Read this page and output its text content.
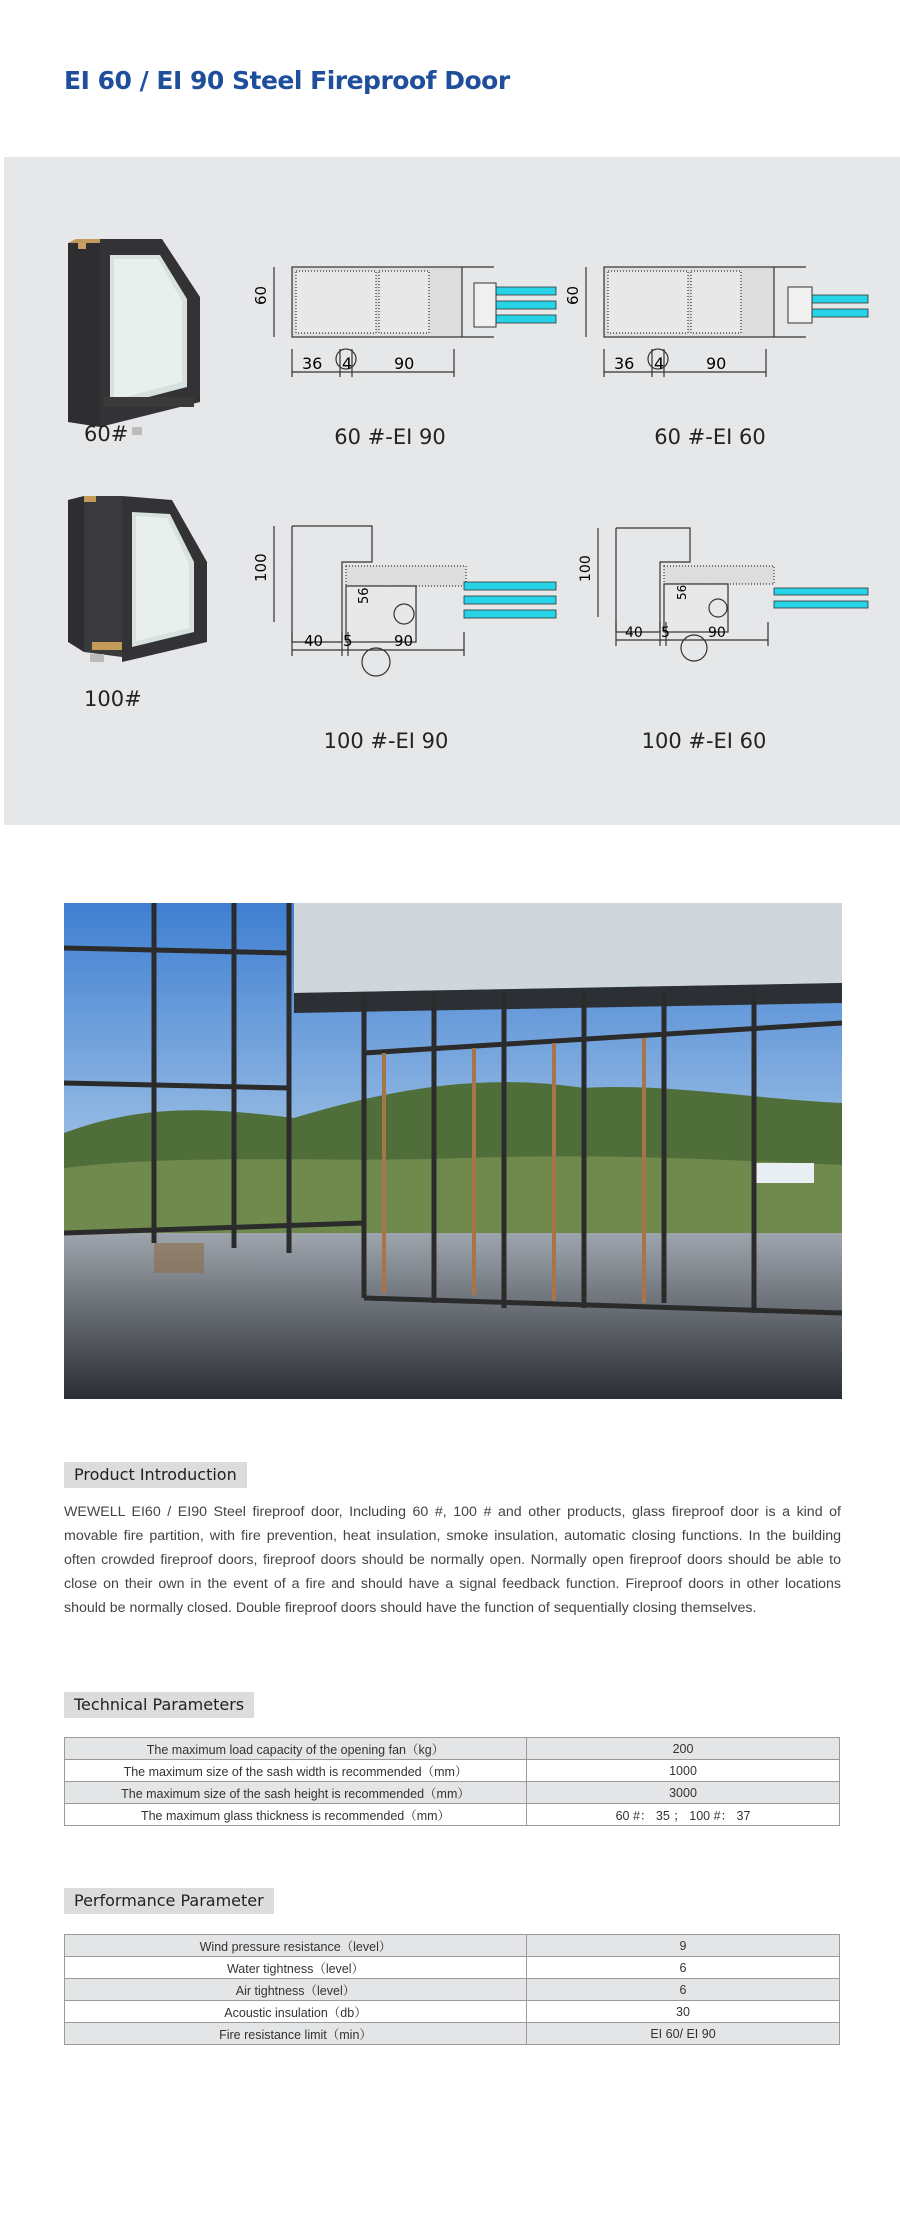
EI 60 / EI 90 Steel Fireproof Door
60#
100#
60
36 4	90
60 #-EI 90
60
36 4	90
60 #-EI 60
100
56
40 5	90
100 #-EI 90
100
56
40 5	90
100 #-EI 60
Product Introduction
WEWELL EI60 / EI90 Steel fireproof door, Including 60 #, 100 # and other products, glass fireproof door is a kind of movable fire partition, with fire prevention, heat insulation, smoke insulation, automatic closing functions. In the building often crowded fireproof doors, fireproof doors should be normally open. Normally open fireproof doors should be able to close on their own in the event of a fire and should have a signal feedback function. Fireproof doors in other locations should be normally closed. Double fireproof doors should have the function of sequentially closing themselves.
Technical Parameters
The maximum load capacity of the opening fan（kg）	200
The maximum size of the sash width is recommended（mm）	1000
The maximum size of the sash height is recommended（mm）	3000
The maximum glass thickness is recommended（mm）	60 #： 35 ； 100 #： 37
Performance Parameter
Wind pressure resistance（level）	9
Water tightness（level）	6
Air tightness（level）	6
Acoustic insulation（db）	30
Fire resistance limit（min）	EI 60/ EI 90
